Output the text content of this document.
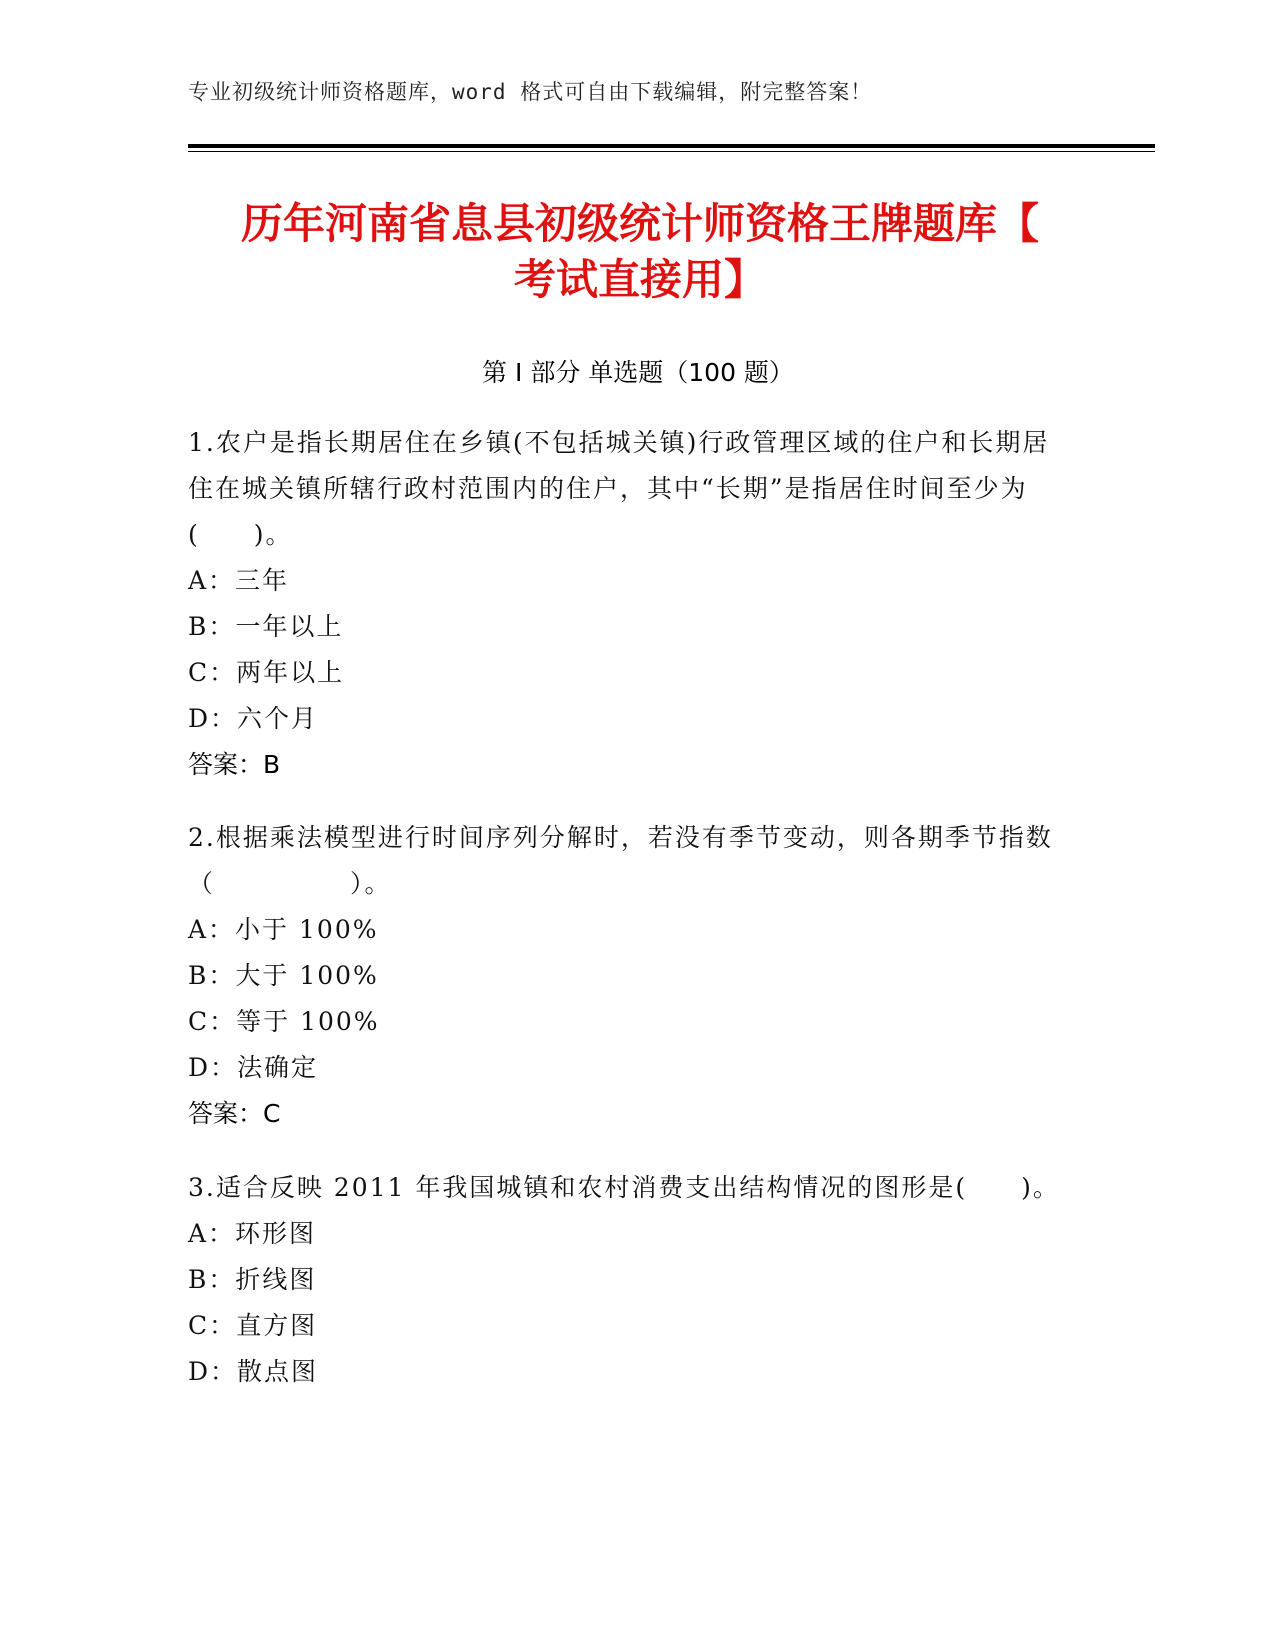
专业初级统计师资格题库，word 格式可自由下载编辑，附完整答案！
历年河南省息县初级统计师资格王牌题库【
考试直接用】
第 I 部分 单选题（100 题）

1.农户是指长期居住在乡镇(不包括城关镇)行政管理区域的住户和长期居住在城关镇所辖行政村范围内的住户，其中“长期”是指居住时间至少为(　　)。

A：三年

B：一年以上

C：两年以上

D：六个月

答案：B

2.根据乘法模型进行时间序列分解时，若没有季节变动，则各期季节指数（　　　　　）。

A：小于 100%

B：大于 100%

C：等于 100%

D：法确定

答案：C

3.适合反映 2011 年我国城镇和农村消费支出结构情况的图形是(　　)。

A：环形图

B：折线图

C：直方图

D：散点图
